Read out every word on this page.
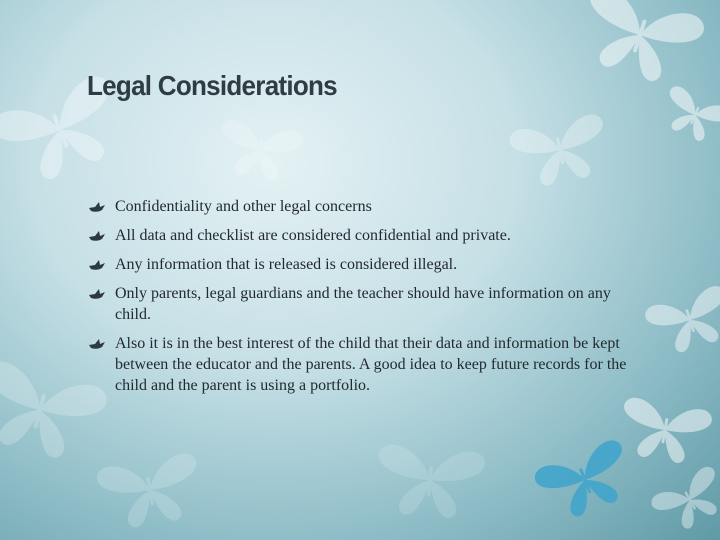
Legal Considerations
Confidentiality and other legal concerns
All data and checklist are considered confidential and private.
Any information that is released is considered illegal.
Only parents, legal guardians and the teacher should have information on any child.
Also it is in the best interest of the child that their data and information be kept between the educator and the parents. A good idea to keep future records for the child and the parent is using a portfolio.
